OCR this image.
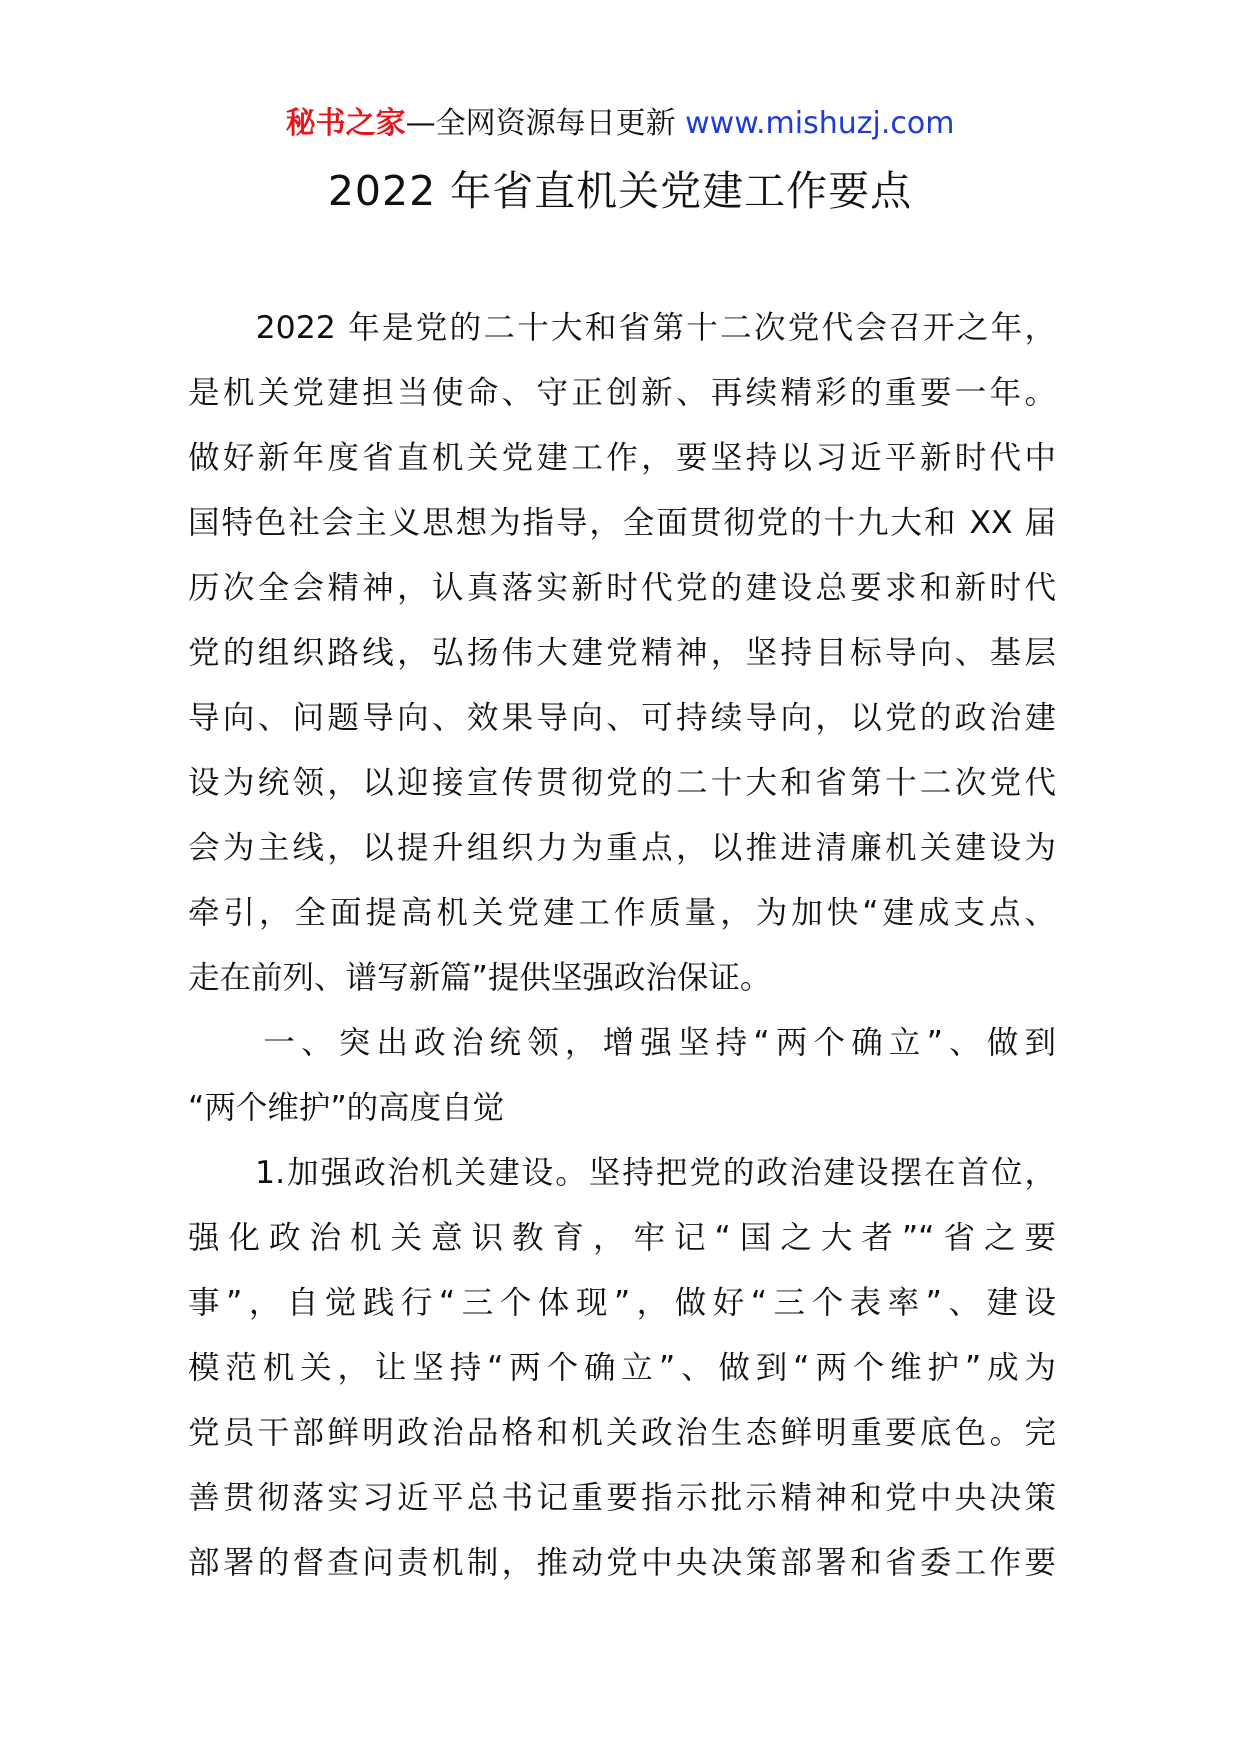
秘书之家—全网资源每日更新 www.mishuzj.com
2022 年省直机关党建工作要点
　　2022 年是党的二十大和省第十二次党代会召开之年，
是机关党建担当使命、守正创新、再续精彩的重要一年。
做好新年度省直机关党建工作，要坚持以习近平新时代中
国特色社会主义思想为指导，全面贯彻党的十九大和 XX 届
历次全会精神，认真落实新时代党的建设总要求和新时代
党的组织路线，弘扬伟大建党精神，坚持目标导向、基层
导向、问题导向、效果导向、可持续导向，以党的政治建
设为统领，以迎接宣传贯彻党的二十大和省第十二次党代
会为主线，以提升组织力为重点，以推进清廉机关建设为
牵引，全面提高机关党建工作质量，为加快“建成支点、
走在前列、谱写新篇”提供坚强政治保证。
　　一、突出政治统领，增强坚持“两个确立”、做到
“两个维护”的高度自觉
　　1.加强政治机关建设。坚持把党的政治建设摆在首位，
强化政治机关意识教育，牢记“国之大者”“省之要
事”，自觉践行“三个体现”，做好“三个表率”、建设
模范机关，让坚持“两个确立”、做到“两个维护”成为
党员干部鲜明政治品格和机关政治生态鲜明重要底色。完
善贯彻落实习近平总书记重要指示批示精神和党中央决策
部署的督查问责机制，推动党中央决策部署和省委工作要
